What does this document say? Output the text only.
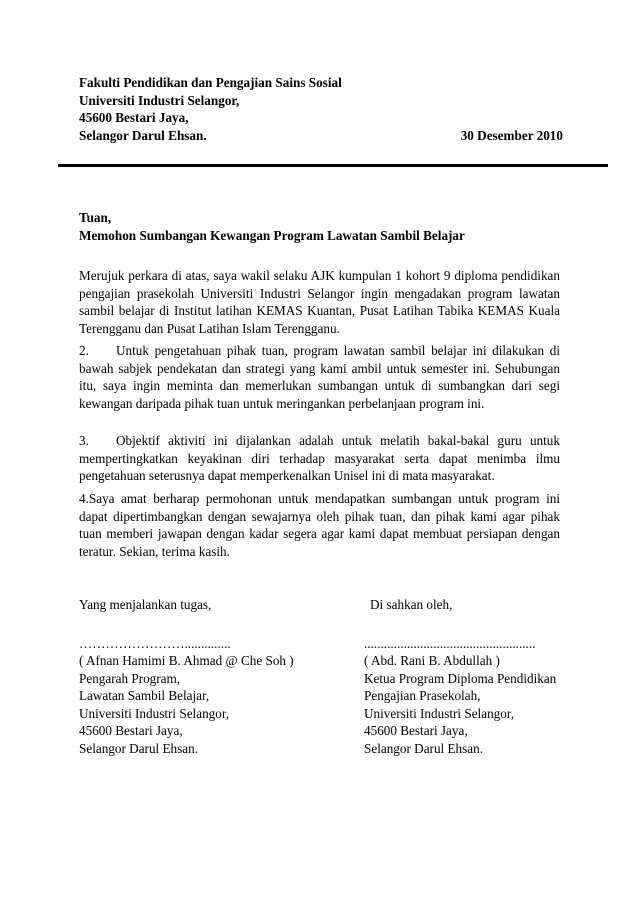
Fakulti Pendidikan dan Pengajian Sains Sosial
Universiti Industri Selangor,
45600 Bestari Jaya,
Selangor Darul Ehsan.	30 Desember 2010
Tuan,
Memohon Sumbangan Kewangan Program Lawatan Sambil Belajar
Merujuk perkara di atas, saya wakil selaku AJK kumpulan 1 kohort 9 diploma pendidikan pengajian prasekolah Universiti Industri Selangor ingin mengadakan program lawatan sambil belajar di Institut latihan KEMAS Kuantan, Pusat Latihan Tabika KEMAS Kuala Terengganu dan Pusat Latihan Islam Terengganu.
2. Untuk pengetahuan pihak tuan, program lawatan sambil belajar ini dilakukan di bawah sabjek pendekatan dan strategi yang kami ambil untuk semester ini. Sehubungan itu, saya ingin meminta dan memerlukan sumbangan untuk di sumbangkan dari segi kewangan daripada pihak tuan untuk meringankan perbelanjaan program ini.
3. Objektif aktiviti ini dijalankan adalah untuk melatih bakal-bakal guru untuk mempertingkatkan keyakinan diri terhadap masyarakat serta dapat menimba ilmu pengetahuan seterusnya dapat memperkenalkan Unisel ini di mata masyarakat.
4.Saya amat berharap permohonan untuk mendapatkan sumbangan untuk program ini dapat dipertimbangkan dengan sewajarnya oleh pihak tuan, dan pihak kami agar pihak tuan memberi jawapan dengan kadar segera agar kami dapat membuat persiapan dengan teratur. Sekian, terima kasih.
Yang menjalankan tugas,
……………………..............
( Afnan Hamimi B. Ahmad @ Che Soh )
Pengarah Program,
Lawatan Sambil Belajar,
Universiti Industri Selangor,
45600 Bestari Jaya,
Selangor Darul Ehsan.
Di sahkan oleh,
....................................................
( Abd. Rani B. Abdullah )
Ketua Program Diploma Pendidikan
Pengajian Prasekolah,
Universiti Industri Selangor,
45600 Bestari Jaya,
Selangor Darul Ehsan.
